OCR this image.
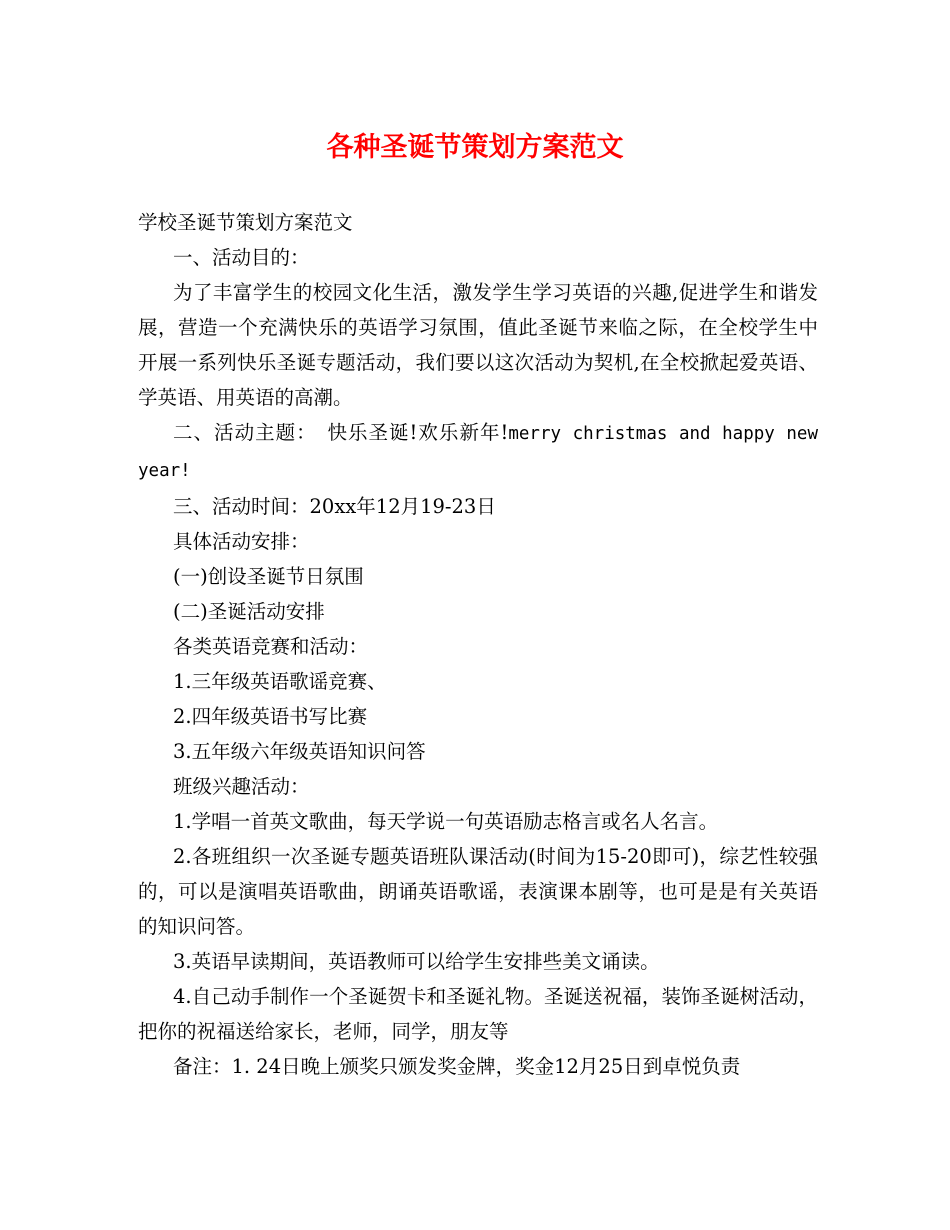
各种圣诞节策划方案范文

学校圣诞节策划方案范文

一、活动目的：

为了丰富学生的校园文化生活，激发学生学习英语的兴趣,促进学生和谐发展，营造一个充满快乐的英语学习氛围，值此圣诞节来临之际，在全校学生中开展一系列快乐圣诞专题活动，我们要以这次活动为契机,在全校掀起爱英语、学英语、用英语的高潮。

二、活动主题：　快乐圣诞!欢乐新年!merry christmas and happy new year!

三、活动时间：20xx年12月19-23日

具体活动安排：

(一)创设圣诞节日氛围

(二)圣诞活动安排

各类英语竞赛和活动：

1.三年级英语歌谣竞赛、

2.四年级英语书写比赛

3.五年级六年级英语知识问答

班级兴趣活动：

1.学唱一首英文歌曲，每天学说一句英语励志格言或名人名言。

2.各班组织一次圣诞专题英语班队课活动(时间为15-20即可)，综艺性较强的，可以是演唱英语歌曲，朗诵英语歌谣，表演课本剧等，也可是是有关英语的知识问答。

3.英语早读期间，英语教师可以给学生安排些美文诵读。

4.自己动手制作一个圣诞贺卡和圣诞礼物。圣诞送祝福，装饰圣诞树活动，把你的祝福送给家长，老师，同学，朋友等

备注：1. 24日晚上颁奖只颁发奖金牌，奖金12月25日到卓悦负责
